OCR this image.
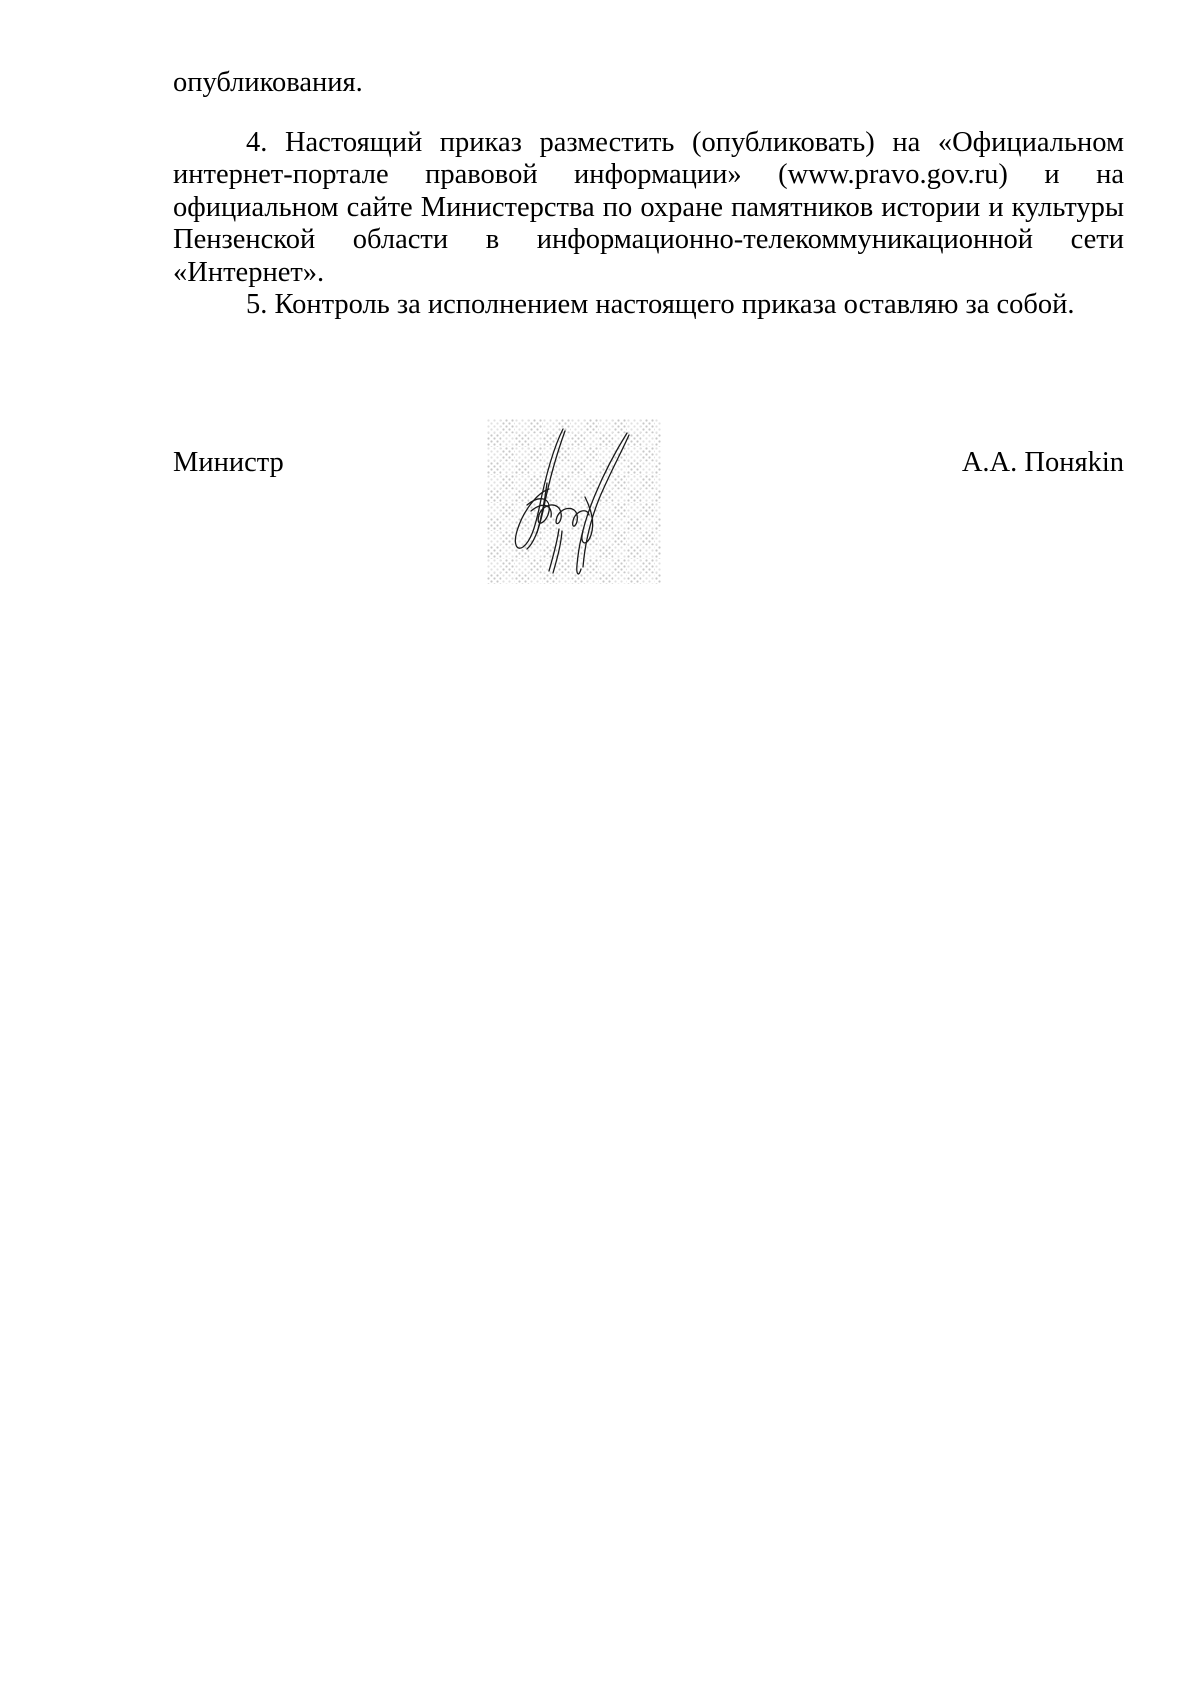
опубликования.

4. Настоящий приказ разместить (опубликовать) на «Официальном интернет-портале правовой информации» (www.pravo.gov.ru) и на официальном сайте Министерства по охране памятников истории и культуры Пензенской области в информационно-телекоммуникационной сети «Интернет».

5. Контроль за исполнением настоящего приказа оставляю за собой.

Министр	А.А. Поняkin
